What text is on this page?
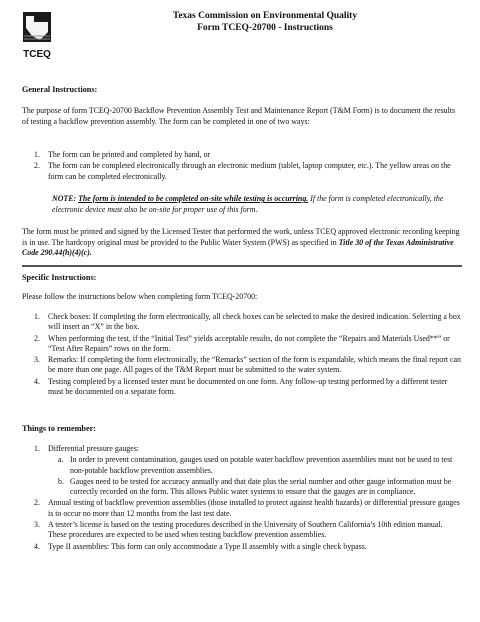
TCEQ
Texas Commission on Environmental Quality
Form TCEQ-20700 - Instructions
General Instructions:
The purpose of form TCEQ-20700 Backflow Prevention Assembly Test and Maintenance Report (T&M Form) is to document the results of testing a backflow prevention assembly. The form can be completed in one of two ways:
1. The form can be printed and completed by hand, or
2. The form can be completed electronically through an electronic medium (tablet, laptop computer, etc.). The yellow areas on the form can be completed electronically.
NOTE: The form is intended to be completed on-site while testing is occurring. If the form is completed electronically, the electronic device must also be on-site for proper use of this form.
The form must be printed and signed by the Licensed Tester that performed the work, unless TCEQ approved electronic recording keeping is in use. The hardcopy original must be provided to the Public Water System (PWS) as specified in Title 30 of the Texas Administrative Code 290.44(h)(4)(c).
Specific Instructions:
Please follow the instructions below when completing form TCEQ-20700:
1. Check boxes: If completing the form electronically, all check boxes can be selected to make the desired indication. Selecting a box will insert an “X” in the box.
2. When performing the test, if the “Initial Test” yields acceptable results, do not complete the “Repairs and Materials Used**” or “Test After Repairs” rows on the form.
3. Remarks: If completing the form electronically, the “Remarks” section of the form is expandable, which means the final report can be more than one page. All pages of the T&M Report must be submitted to the water system.
4. Testing completed by a licensed tester must be documented on one form. Any follow-up testing performed by a different tester must be documented on a separate form.
Things to remember:
1. Differential pressure gauges:
a. In order to prevent contamination, gauges used on potable water backflow prevention assemblies must not be used to test non-potable backflow prevention assemblies.
b. Gauges need to be tested for accuracy annually and that date plus the serial number and other gauge information must be correctly recorded on the form. This allows Public water systems to ensure that the gauges are in compliance.
2. Annual testing of backflow prevention assemblies (those installed to protect against health hazards) or differential pressure gauges is to occur no more than 12 months from the last test date.
3. A tester’s license is based on the testing procedures described in the University of Southern California’s 10th edition manual. These procedures are expected to be used when testing backflow prevention assemblies.
4. Type II assemblies: This form can only accommodate a Type II assembly with a single check bypass.
